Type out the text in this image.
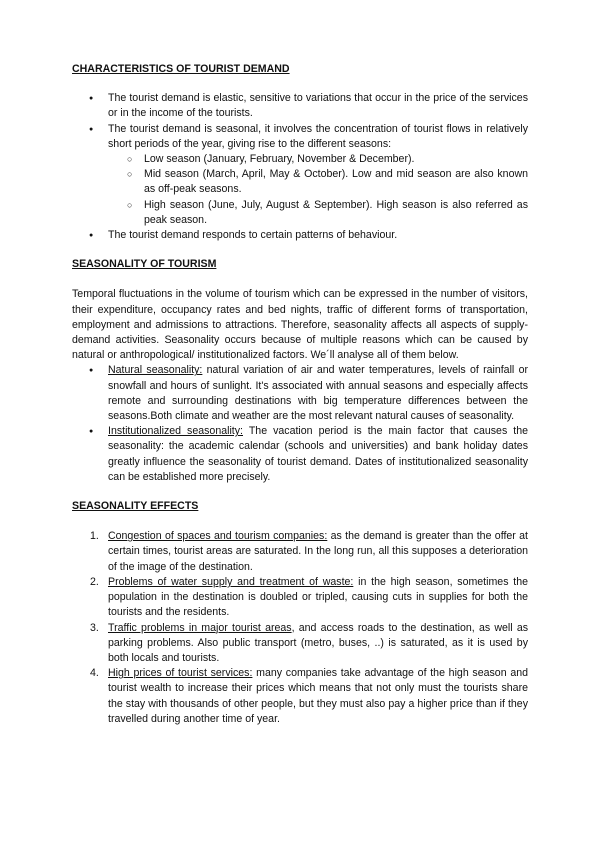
CHARACTERISTICS OF TOURIST DEMAND
● The tourist demand is elastic, sensitive to variations that occur in the price of the services or in the income of the tourists.
● The tourist demand is seasonal, it involves the concentration of tourist flows in relatively short periods of the year, giving rise to the different seasons:
○ Low season (January, February, November & December).
○ Mid season (March, April, May & October). Low and mid season are also known as off-peak seasons.
○ High season (June, July, August & September). High season is also referred as peak season.
● The tourist demand responds to certain patterns of behaviour.
SEASONALITY OF TOURISM

Temporal fluctuations in the volume of tourism which can be expressed in the number of visitors, their expenditure, occupancy rates and bed nights, traffic of different forms of transportation, employment and admissions to attractions. Therefore, seasonality affects all aspects of supply-demand activities. Seasonality occurs because of multiple reasons which can be caused by natural or anthropological/ institutionalized factors. We´ll analyse all of them below.

● Natural seasonality: natural variation of air and water temperatures, levels of rainfall or snowfall and hours of sunlight. It's associated with annual seasons and especially affects remote and surrounding destinations with big temperature differences between the seasons.Both climate and weather are the most relevant natural causes of seasonality.
● Institutionalized seasonality: The vacation period is the main factor that causes the seasonality: the academic calendar (schools and universities) and bank holiday dates greatly influence the seasonality of tourist demand. Dates of institutionalized seasonality can be established more precisely.
SEASONALITY EFFECTS
1. Congestion of spaces and tourism companies: as the demand is greater than the offer at certain times, tourist areas are saturated. In the long run, all this supposes a deterioration of the image of the destination.
2. Problems of water supply and treatment of waste: in the high season, sometimes the population in the destination is doubled or tripled, causing cuts in supplies for both the tourists and the residents.
3. Traffic problems in major tourist areas, and access roads to the destination, as well as parking problems. Also public transport (metro, buses, ..) is saturated, as it is used by both locals and tourists.
4. High prices of tourist services: many companies take advantage of the high season and tourist wealth to increase their prices which means that not only must the tourists share the stay with thousands of other people, but they must also pay a higher price than if they travelled during another time of year.
